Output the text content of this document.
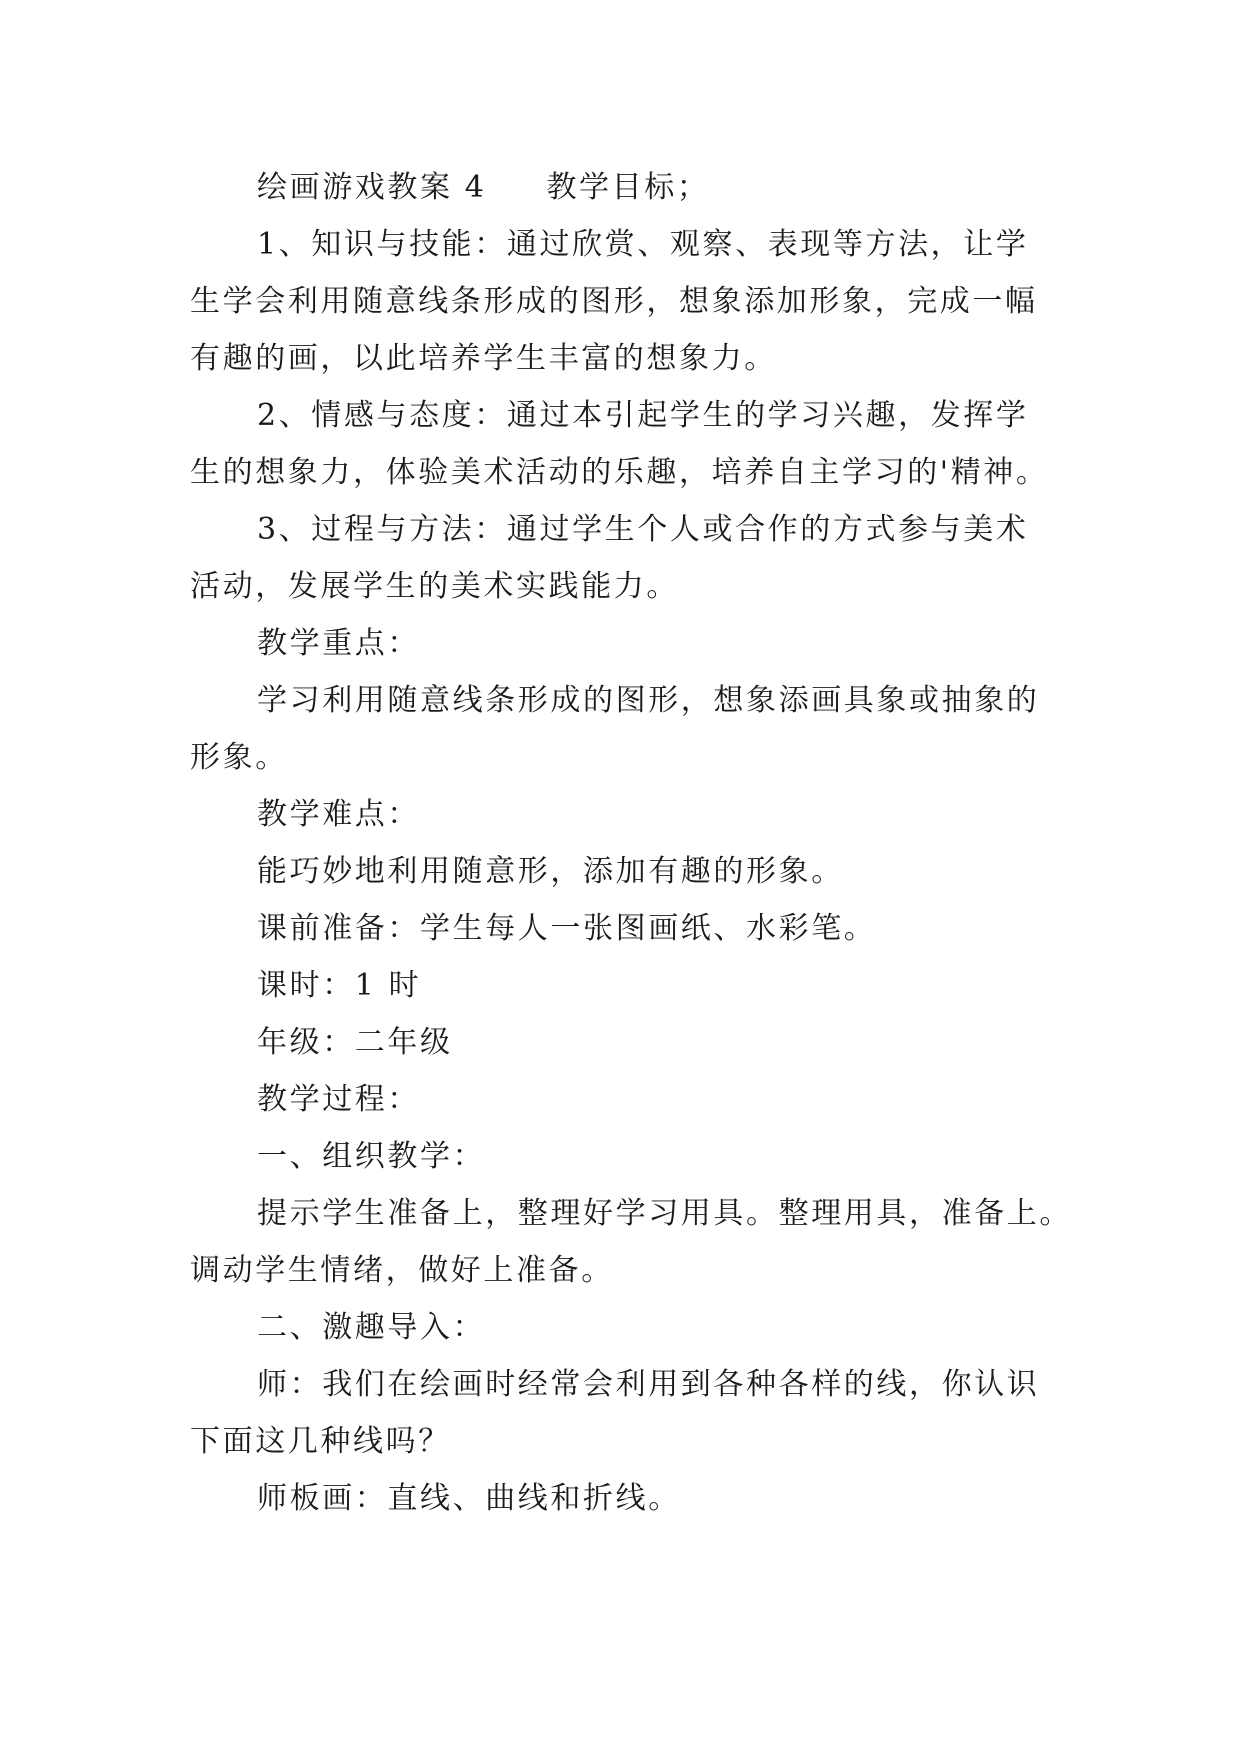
绘画游戏教案 4 教学目标；
1、知识与技能：通过欣赏、观察、表现等方法，让学
生学会利用随意线条形成的图形，想象添加形象，完成一幅
有趣的画，以此培养学生丰富的想象力。
2、情感与态度：通过本引起学生的学习兴趣，发挥学
生的想象力，体验美术活动的乐趣，培养自主学习的'精神。
3、过程与方法：通过学生个人或合作的方式参与美术
活动，发展学生的美术实践能力。
教学重点：
学习利用随意线条形成的图形，想象添画具象或抽象的
形象。
教学难点：
能巧妙地利用随意形，添加有趣的形象。
课前准备：学生每人一张图画纸、水彩笔。
课时：1 时
年级：二年级
教学过程：
一、组织教学：
提示学生准备上，整理好学习用具。整理用具，准备上。
调动学生情绪，做好上准备。
二、激趣导入：
师：我们在绘画时经常会利用到各种各样的线，你认识
下面这几种线吗？
师板画：直线、曲线和折线。
